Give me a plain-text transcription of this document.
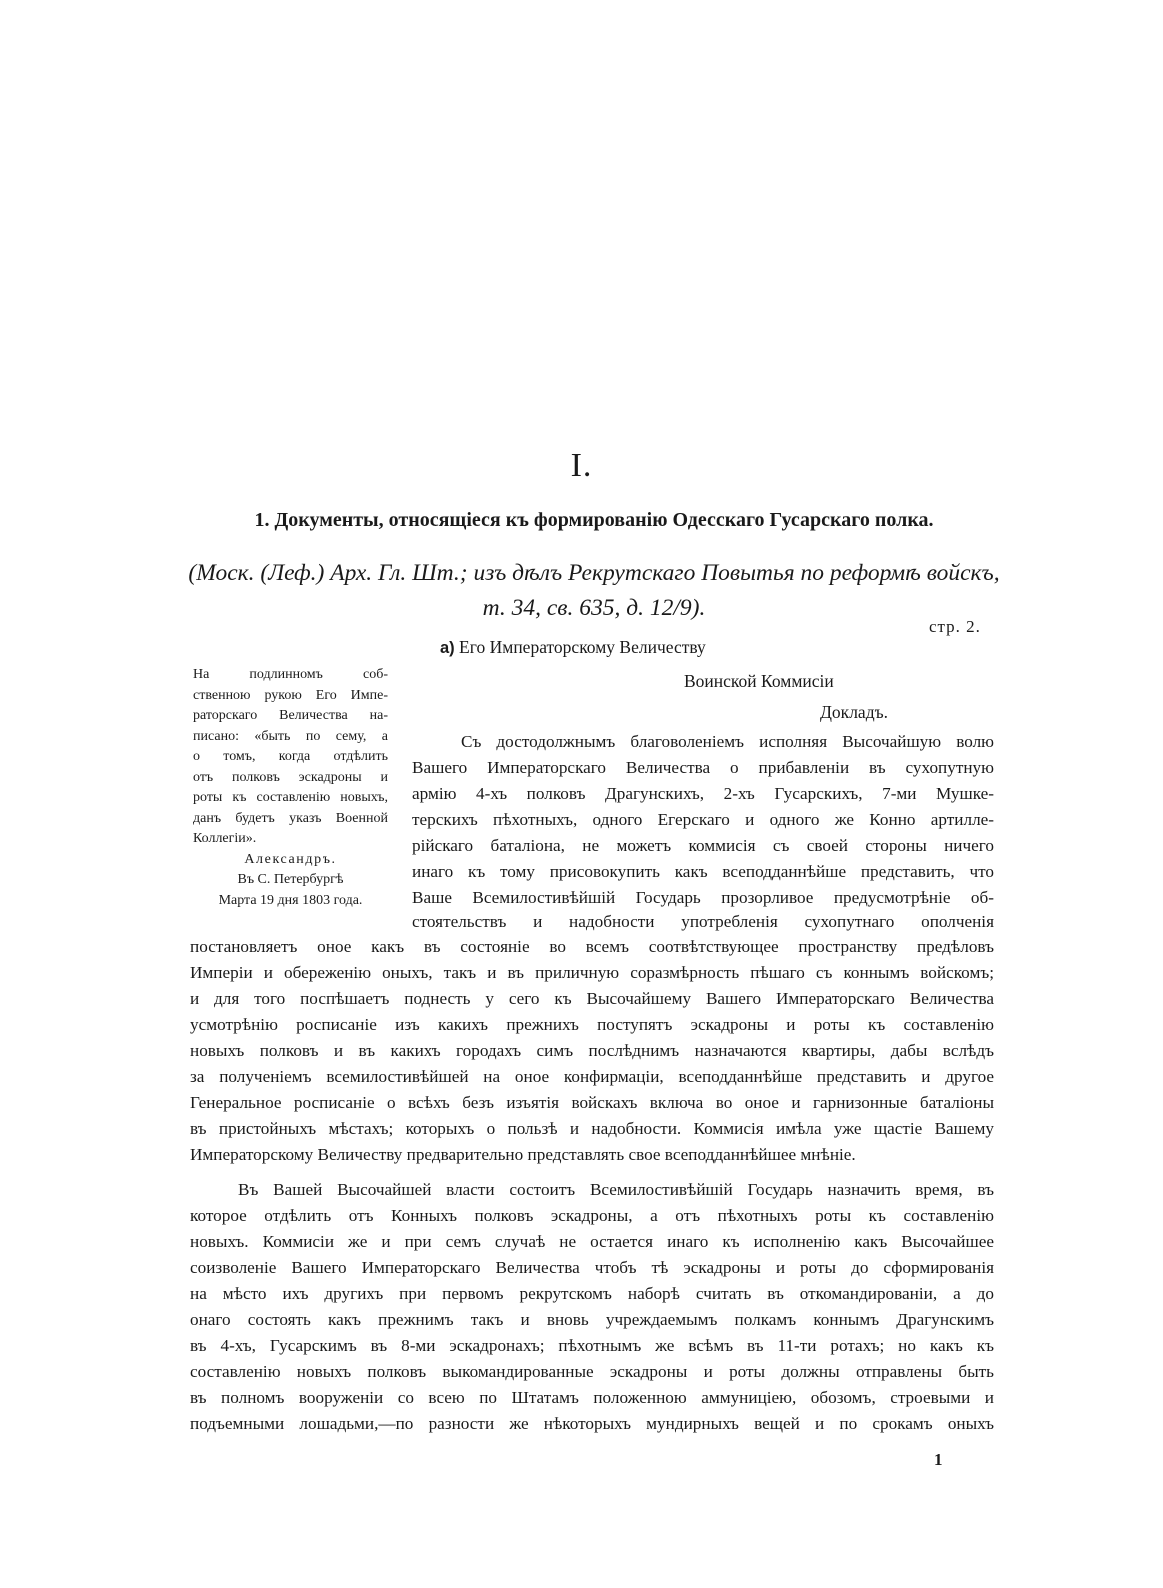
I.
1. Документы, относящіеся къ формированію Одесскаго Гусарскаго полка.
(Моск. (Леф.) Арх. Гл. Шт.; изъ дѣлъ Рекрутскаго Повытья по реформѣ войскъ,
т. 34, св. 635, д. 12/9).
стр. 2.
а) Его Императорскому Величеству
Воинской Коммисіи
Докладъ.
На подлинномъ соб-
ственною рукою Его Импе-
раторскаго Величества на-
писано: «быть по сему, а
о томъ, когда отдѣлить
отъ полковъ эскадроны и
роты къ составленію новыхъ,
данъ будетъ указъ Военной
Коллегіи».
Александръ.
Въ С. Петербургѣ
Марта 19 дня 1803 года.
Съ достодолжнымъ благоволеніемъ исполняя Высочайшую волю
Вашего Императорскаго Величества о прибавленіи въ сухопутную
армію 4-хъ полковъ Драгунскихъ, 2-хъ Гусарскихъ, 7-ми Мушке-
терскихъ пѣхотныхъ, одного Егерскаго и одного же Конно артилле-
рійскаго баталіона, не можетъ коммисія съ своей стороны ничего
инаго къ тому присовокупить какъ всеподданнѣйше представить, что
Ваше Всемилостивѣйшій Государь прозорливое предусмотрѣніе об-
стоятельствъ и надобности употребленія сухопутнаго ополченія
постановляетъ оное какъ въ состояніе во всемъ соотвѣтствующее пространству предѣловъ
Имперіи и обереженію оныхъ, такъ и въ приличную соразмѣрность пѣшаго съ коннымъ войскомъ;
и для того поспѣшаетъ поднесть у сего къ Высочайшему Вашего Императорскаго Величества
усмотрѣнію росписаніе изъ какихъ прежнихъ поступятъ эскадроны и роты къ составленію
новыхъ полковъ и въ какихъ городахъ симъ послѣднимъ назначаются квартиры, дабы вслѣдъ
за полученіемъ всемилостивѣйшей на оное конфирмаціи, всеподданнѣйше представить и другое
Генеральное росписаніе о всѣхъ безъ изъятія войскахъ включа во оное и гарнизонные баталіоны
въ пристойныхъ мѣстахъ; которыхъ о пользѣ и надобности. Коммисія имѣла уже щастіе Вашему
Императорскому Величеству предварительно представлять свое всеподданнѣйшее мнѣніе.
Въ Вашей Высочайшей власти состоитъ Всемилостивѣйшій Государь назначить время, въ
которое отдѣлить отъ Конныхъ полковъ эскадроны, а отъ пѣхотныхъ роты къ составленію
новыхъ. Коммисіи же и при семъ случаѣ не остается инаго къ исполненію какъ Высочайшее
соизволеніе Вашего Императорскаго Величества чтобъ тѣ эскадроны и роты до сформированія
на мѣсто ихъ другихъ при первомъ рекрутскомъ наборѣ считать въ откомандированіи, а до
онаго состоять какъ прежнимъ такъ и вновь учреждаемымъ полкамъ коннымъ Драгунскимъ
въ 4-хъ, Гусарскимъ въ 8-ми эскадронахъ; пѣхотнымъ же всѣмъ въ 11-ти ротахъ; но какъ къ
составленію новыхъ полковъ выкомандированные эскадроны и роты должны отправлены быть
въ полномъ вооруженіи со всею по Штатамъ положенною аммуниціею, обозомъ, строевыми и
подъемными лошадьми,—по разности же нѣкоторыхъ мундирныхъ вещей и по срокамъ оныхъ
1
